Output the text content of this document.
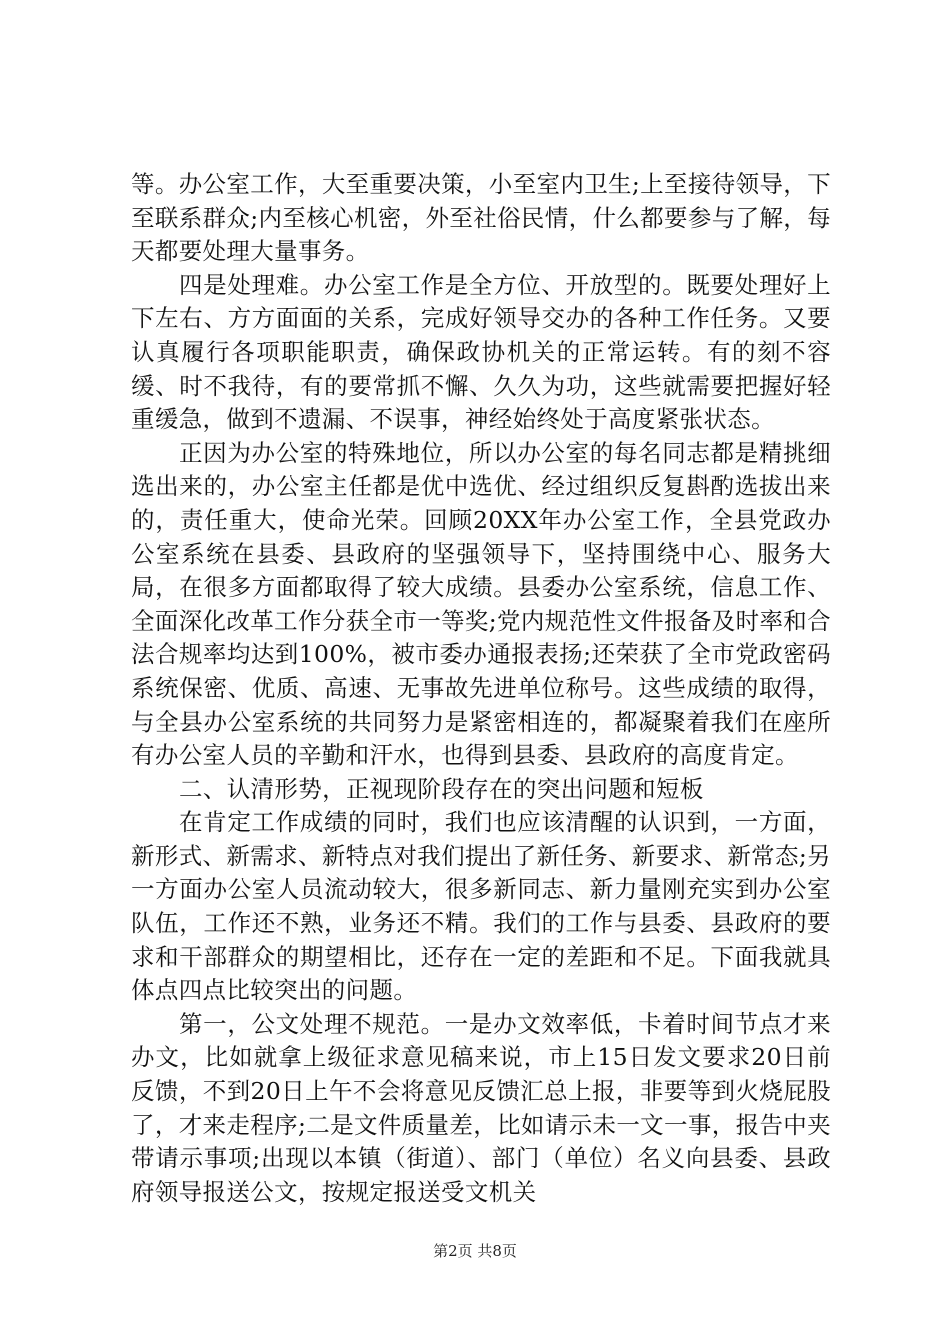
等。办公室工作，大至重要决策，小至室内卫生;上至接待领导，下至联系群众;内至核心机密，外至社俗民情，什么都要参与了解，每天都要处理大量事务。

四是处理难。办公室工作是全方位、开放型的。既要处理好上下左右、方方面面的关系，完成好领导交办的各种工作任务。又要认真履行各项职能职责，确保政协机关的正常运转。有的刻不容缓、时不我待，有的要常抓不懈、久久为功，这些就需要把握好轻重缓急，做到不遗漏、不误事，神经始终处于高度紧张状态。

正因为办公室的特殊地位，所以办公室的每名同志都是精挑细选出来的，办公室主任都是优中选优、经过组织反复斟酌选拔出来的，责任重大，使命光荣。回顾20XX年办公室工作，全县党政办公室系统在县委、县政府的坚强领导下，坚持围绕中心、服务大局，在很多方面都取得了较大成绩。县委办公室系统，信息工作、全面深化改革工作分获全市一等奖;党内规范性文件报备及时率和合法合规率均达到100%，被市委办通报表扬;还荣获了全市党政密码系统保密、优质、高速、无事故先进单位称号。这些成绩的取得，与全县办公室系统的共同努力是紧密相连的，都凝聚着我们在座所有办公室人员的辛勤和汗水，也得到县委、县政府的高度肯定。

二、认清形势，正视现阶段存在的突出问题和短板

在肯定工作成绩的同时，我们也应该清醒的认识到，一方面，新形式、新需求、新特点对我们提出了新任务、新要求、新常态;另一方面办公室人员流动较大，很多新同志、新力量刚充实到办公室队伍，工作还不熟，业务还不精。我们的工作与县委、县政府的要求和干部群众的期望相比，还存在一定的差距和不足。下面我就具体点四点比较突出的问题。

第一，公文处理不规范。一是办文效率低，卡着时间节点才来办文，比如就拿上级征求意见稿来说，市上15日发文要求20日前反馈，不到20日上午不会将意见反馈汇总上报，非要等到火烧屁股了，才来走程序;二是文件质量差，比如请示未一文一事，报告中夹带请示事项;出现以本镇（街道）、部门（单位）名义向县委、县政府领导报送公文，按规定报送受文机关

第2页 共8页
